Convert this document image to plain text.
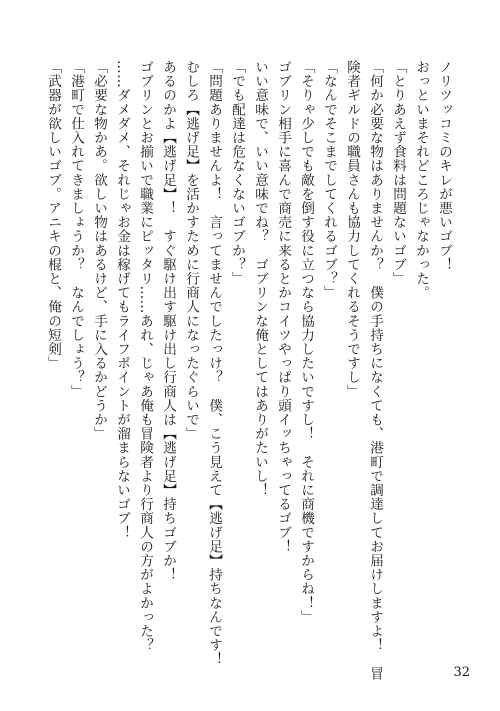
ノリツッコミのキレが悪いゴブ！
おっといまそれどころじゃなかった。
「とりあえず食料は問題ないゴブ」
「何か必要な物はありませんか？　僕の手持ちになくても、港町で調達してお届けしますよ！　冒
険者ギルドの職員さんも協力してくれるそうですし」
「なんでそこまでしてくれるゴブ？」
「そりゃ少しでも敵を倒す役に立つなら協力したいですし！　それに商機ですからね！」
ゴブリン相手に喜んで商売に来るとかコイツやっぱり頭イッちゃってるゴブ！
いい意味で、いい意味でね？　ゴブリンな俺としてはありがたいし！
「でも配達は危なくないゴブか？」
「問題ありませんよ！　言ってませんでしたっけ？　僕、こう見えて【逃げ足】持ちなんです！
むしろ【逃げ足】を活かすために行商人になったぐらいで」
あるのかよ【逃げ足】！　すぐ駆け出す駆け出し行商人は【逃げ足】持ちゴブか！
ゴブリンとお揃いで職業にピッタリ……あれ、じゃあ俺も冒険者より行商人の方がよかった？
……ダメダメ、それじゃお金は稼げてもライフポイントが溜まらないゴブ！
「必要な物かあ。欲しい物はあるけど、手に入るかどうか」
「港町で仕入れてきましょうか？　なんでしょう？」
「武器が欲しいゴブ。アニキの棍と、俺の短剣」
32
